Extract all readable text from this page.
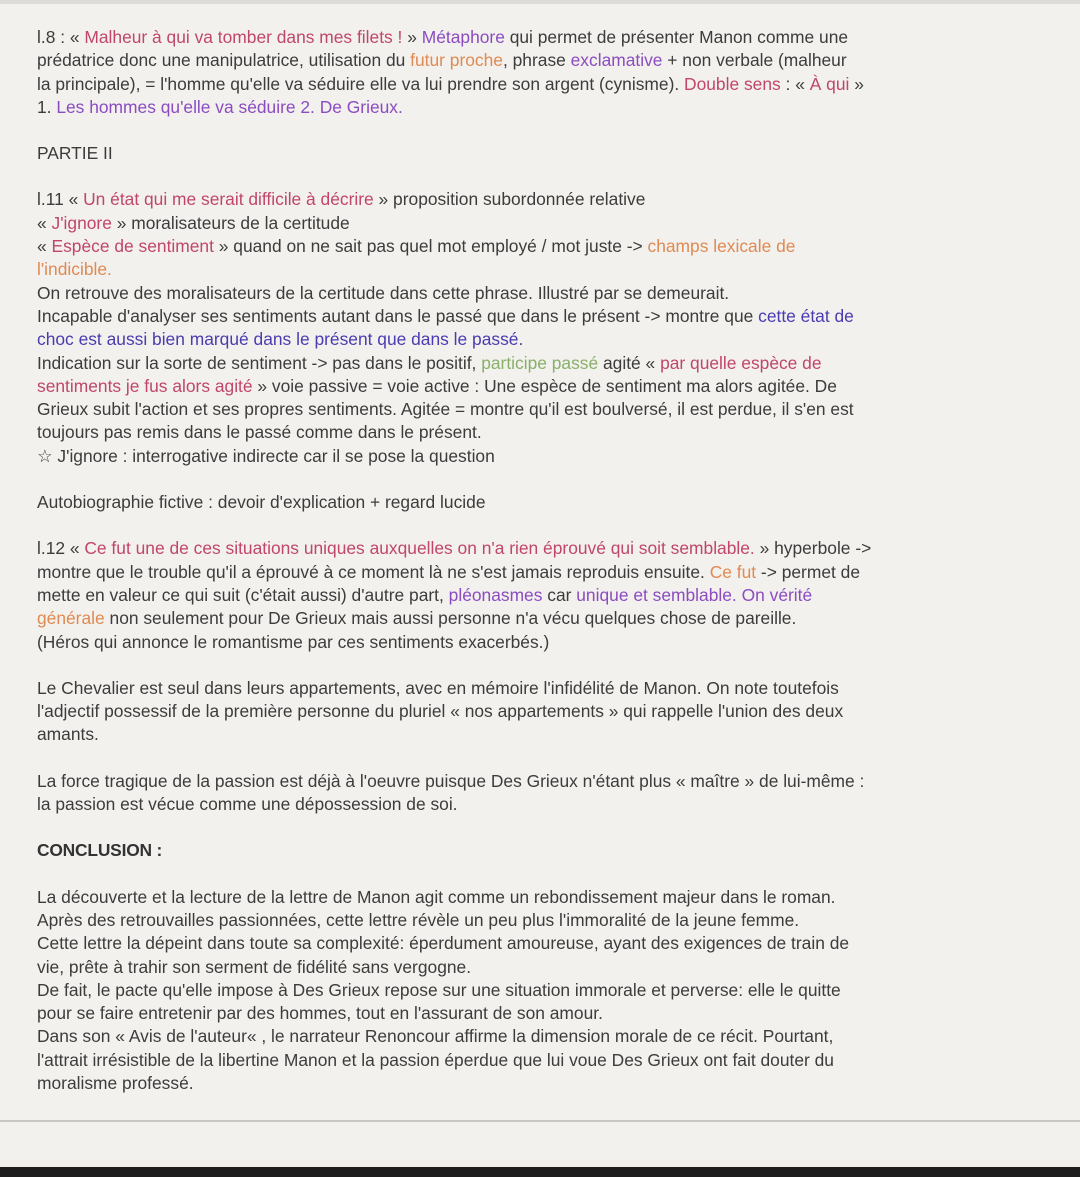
l.8 : « Malheur à qui va tomber dans mes filets ! » Métaphore qui permet de présenter Manon comme une

prédatrice donc une manipulatrice, utilisation du futur proche, phrase exclamative + non verbale (malheur

la principale), = l'homme qu'elle va séduire elle va lui prendre son argent (cynisme). Double sens : « À qui »

1. Les hommes qu'elle va séduire 2. De Grieux.

PARTIE II

l.11 « Un état qui me serait difficile à décrire » proposition subordonnée relative

« J'ignore » moralisateurs de la certitude

« Espèce de sentiment » quand on ne sait pas quel mot employé / mot juste -> champs lexicale de

l'indicible.

On retrouve des moralisateurs de la certitude dans cette phrase. Illustré par se demeurait.

Incapable d'analyser ses sentiments autant dans le passé que dans le présent -> montre que cette état de

choc est aussi bien marqué dans le présent que dans le passé.

Indication sur la sorte de sentiment -> pas dans le positif, participe passé agité « par quelle espèce de

sentiments je fus alors agité » voie passive = voie active : Une espèce de sentiment ma alors agitée. De

Grieux subit l'action et ses propres sentiments. Agitée = montre qu'il est boulversé, il est perdue, il s'en est

toujours pas remis dans le passé comme dans le présent.

☆ J'ignore : interrogative indirecte car il se pose la question

Autobiographie fictive : devoir d'explication + regard lucide

l.12 « Ce fut une de ces situations uniques auxquelles on n'a rien éprouvé qui soit semblable. » hyperbole ->

montre que le trouble qu'il a éprouvé à ce moment là ne s'est jamais reproduis ensuite. Ce fut -> permet de

mette en valeur ce qui suit (c'était aussi) d'autre part, pléonasmes car unique et semblable. On vérité

générale non seulement pour De Grieux mais aussi personne n'a vécu quelques chose de pareille.

(Héros qui annonce le romantisme par ces sentiments exacerbés.)

Le Chevalier est seul dans leurs appartements, avec en mémoire l'infidélité de Manon. On note toutefois

l'adjectif possessif de la première personne du pluriel « nos appartements » qui rappelle l'union des deux

amants.

La force tragique de la passion est déjà à l'oeuvre puisque Des Grieux n'étant plus « maître » de lui-même :

la passion est vécue comme une dépossession de soi.

CONCLUSION :

La découverte et la lecture de la lettre de Manon agit comme un rebondissement majeur dans le roman.

Après des retrouvailles passionnées, cette lettre révèle un peu plus l'immoralité de la jeune femme.

Cette lettre la dépeint dans toute sa complexité: éperdument amoureuse, ayant des exigences de train de

vie, prête à trahir son serment de fidélité sans vergogne.

De fait, le pacte qu'elle impose à Des Grieux repose sur une situation immorale et perverse: elle le quitte

pour se faire entretenir par des hommes, tout en l'assurant de son amour.

Dans son « Avis de l'auteur« , le narrateur Renoncour affirme la dimension morale de ce récit. Pourtant,

l'attrait irrésistible de la libertine Manon et la passion éperdue que lui voue Des Grieux ont fait douter du

moralisme professé.
